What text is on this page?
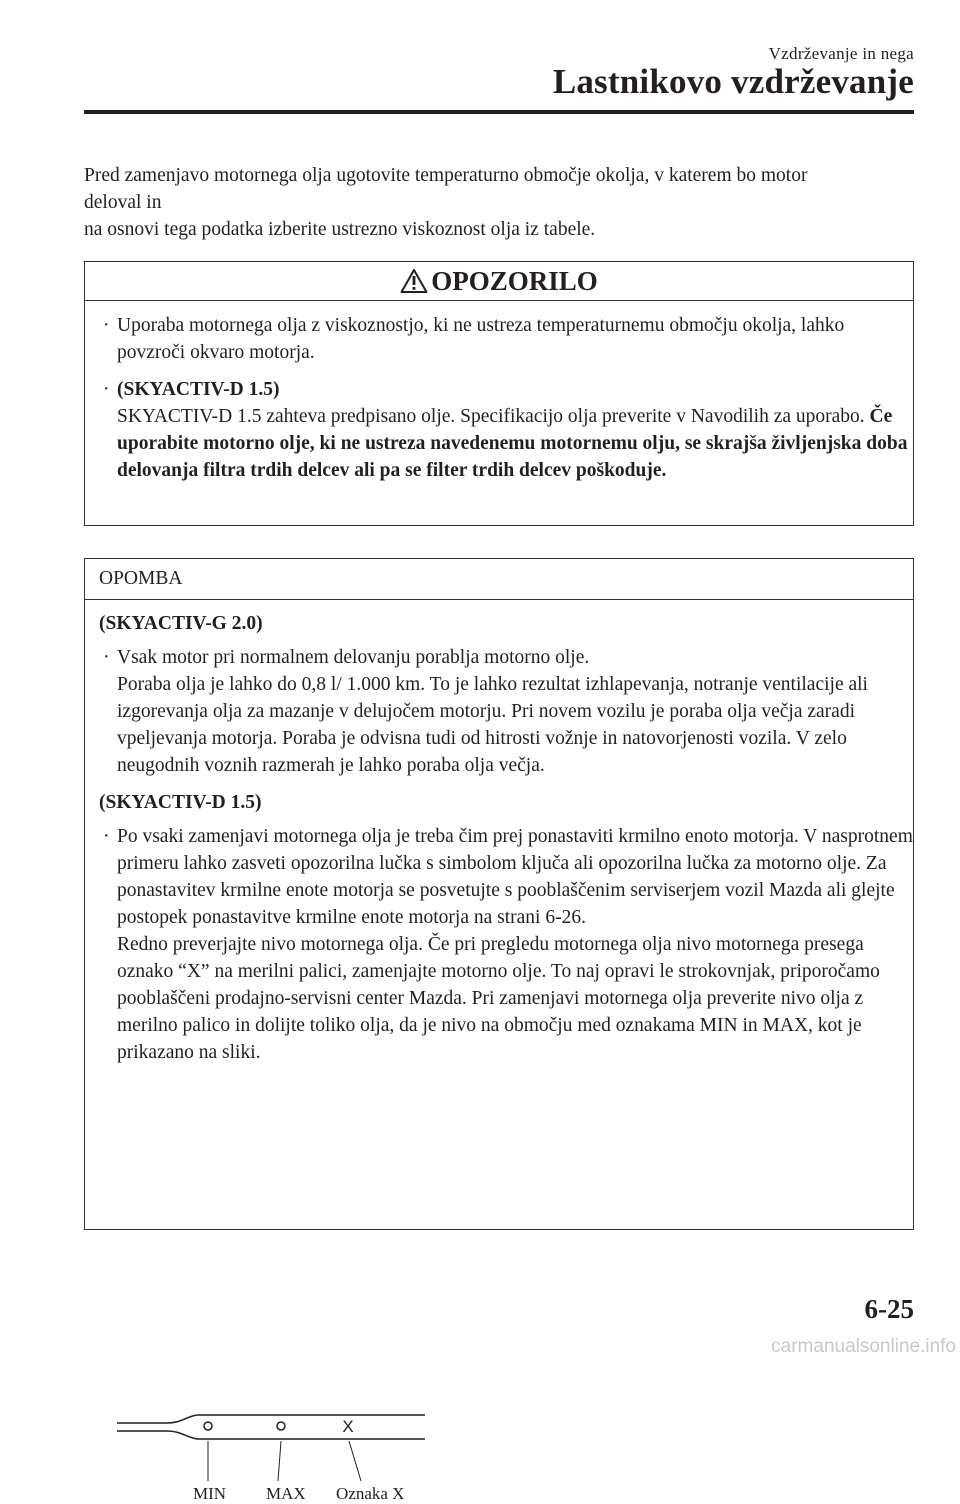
Vzdrževanje in nega
Lastnikovo vzdrževanje

Pred zamenjavo motornega olja ugotovite temperaturno območje okolja, v katerem bo motor

deloval in

na osnovi tega podatka izberite ustrezno viskoznost olja iz tabele.

OPOZORILO
· Uporaba motornega olja z viskoznostjo, ki ne ustreza temperaturnemu območju okolja, lahko povzroči okvaro motorja.
· (SKYACTIV-D 1.5)
SKYACTIV-D 1.5 zahteva predpisano olje. Specifikacijo olja preverite v Navodilih za uporabo. Če uporabite motorno olje, ki ne ustreza navedenemu motornemu olju, se skrajša življenjska doba delovanja filtra trdih delcev ali pa se filter trdih delcev poškoduje.
OPOMBA
(SKYACTIV-G 2.0)
· Vsak motor pri normalnem delovanju porablja motorno olje.
Poraba olja je lahko do 0,8 l/ 1.000 km. To je lahko rezultat izhlapevanja, notranje ventilacije ali izgorevanja olja za mazanje v delujočem motorju. Pri novem vozilu je poraba olja večja zaradi vpeljevanja motorja. Poraba je odvisna tudi od hitrosti vožnje in natovorjenosti vozila. V zelo neugodnih voznih razmerah je lahko poraba olja večja.
(SKYACTIV-D 1.5)
· Po vsaki zamenjavi motornega olja je treba čim prej ponastaviti krmilno enoto motorja. V nasprotnem primeru lahko zasveti opozorilna lučka s simbolom ključa ali opozorilna lučka za motorno olje. Za ponastavitev krmilne enote motorja se posvetujte s pooblaščenim serviserjem vozil Mazda ali glejte postopek ponastavitve krmilne enote motorja na strani 6-26.
Redno preverjajte nivo motornega olja. Če pri pregledu motornega olja nivo motornega presega oznako “X” na merilni palici, zamenjajte motorno olje. To naj opravi le strokovnjak, priporočamo pooblaščeni prodajno-servisni center Mazda. Pri zamenjavi motornega olja preverite nivo olja z merilno palico in dolijte toliko olja, da je nivo na območju med oznakama MIN in MAX, kot je prikazano na sliki.
X
MIN MAX Oznaka X
6-25
carmanualsonline.info
